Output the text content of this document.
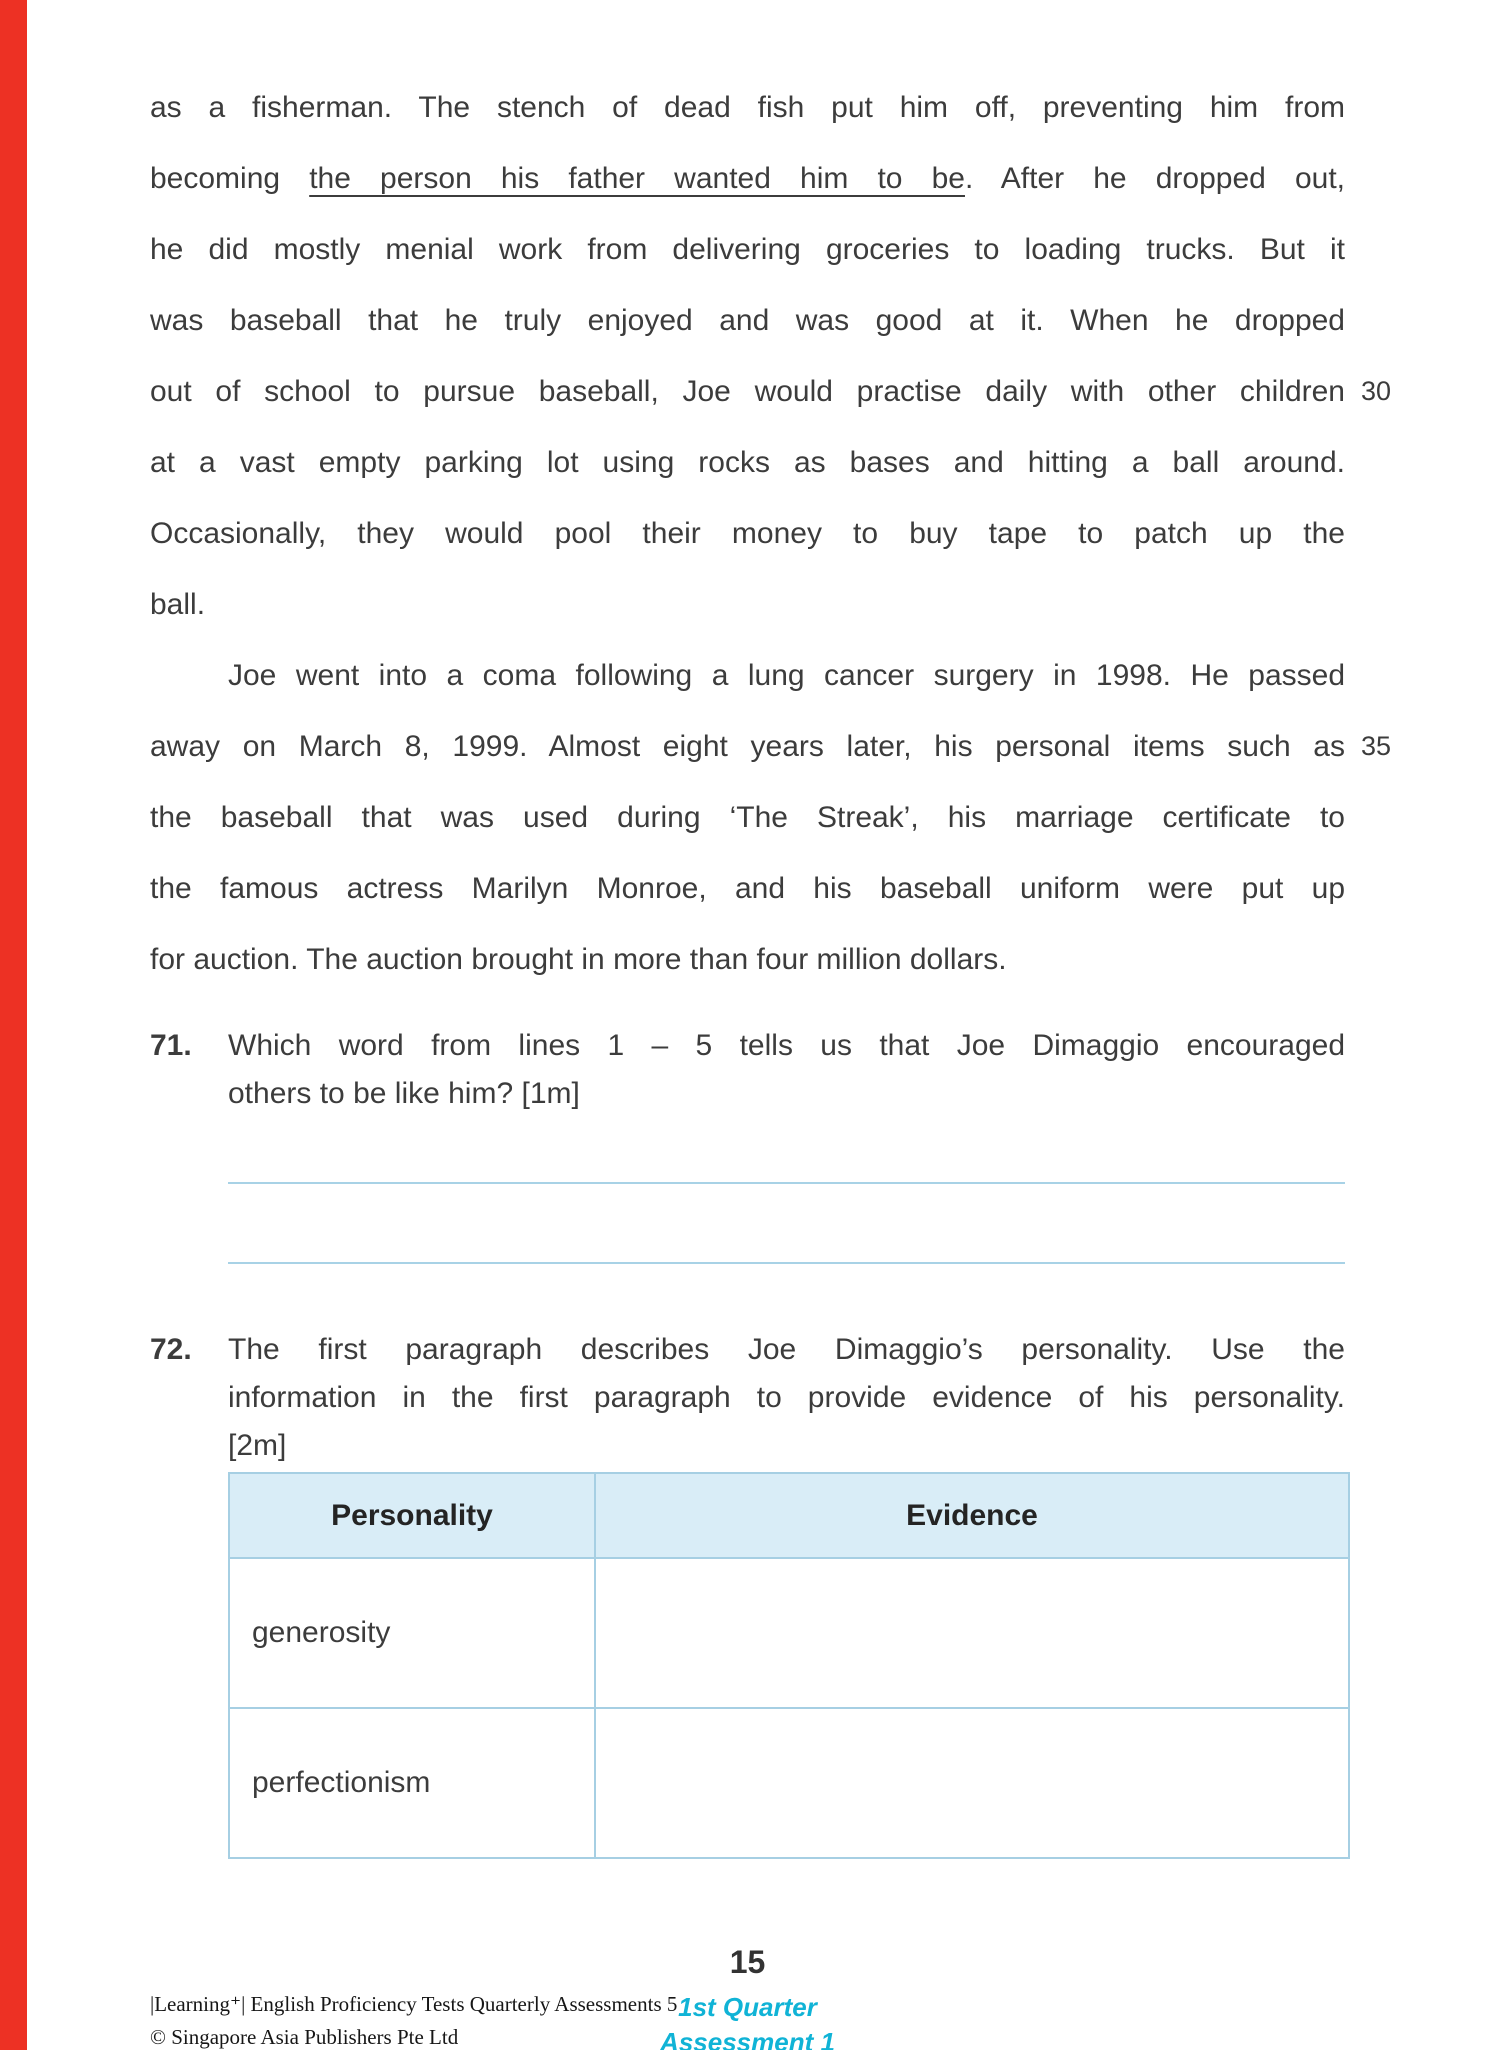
as a fisherman. The stench of dead fish put him off, preventing him from
becoming the person his father wanted him to be. After he dropped out,
he did mostly menial work from delivering groceries to loading trucks. But it
was baseball that he truly enjoyed and was good at it. When he dropped
out of school to pursue baseball, Joe would practise daily with other children 30
at a vast empty parking lot using rocks as bases and hitting a ball around.
Occasionally, they would pool their money to buy tape to patch up the
ball.
Joe went into a coma following a lung cancer surgery in 1998. He passed
away on March 8, 1999. Almost eight years later, his personal items such as 35
the baseball that was used during ‘The Streak’, his marriage certificate to
the famous actress Marilyn Monroe, and his baseball uniform were put up
for auction. The auction brought in more than four million dollars.
71. Which word from lines 1 – 5 tells us that Joe Dimaggio encouraged
others to be like him? [1m]
72. The first paragraph describes Joe Dimaggio’s personality. Use the
information in the first paragraph to provide evidence of his personality.
[2m]
Personality	Evidence
generosity	
perfectionism	
15
|Learning⁺| English Proficiency Tests Quarterly Assessments 5
© Singapore Asia Publishers Pte Ltd
1st Quarter
Assessment 1
